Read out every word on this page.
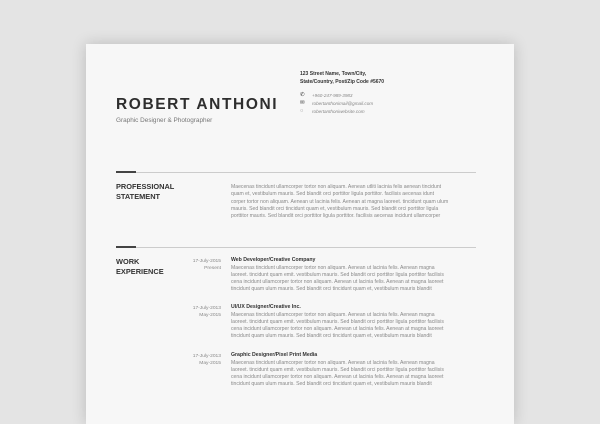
ROBERT ANTHONI
Graphic Designer & Photographer
123 Street Name, Town/City,
State/Country, Post/Zip Code #5670
✆	+960-247-989-3983
✉	robertanthonimail@gmail.com
◌	robertanthoniwebsite.com
PROFESSIONAL
STATEMENT
Maecenas tincidunt ullamcorper tortor non aliquam. Aenean utliti lacinia felis aenean tincidunt
quam et, vestibulum mauris. Sed blandit orci porttitor ligula porttitor. facilisis aecenas idunt
corper tortor non aliquam. Aenean ut lacinia felis. Aenean at magna laoreet. tincidunt quam ulum
mauris. Sed blandit orci tincidunt quam et, vestibulum mauris. Sed blandit orci porttitor ligula
porttitor mauris. Sed blandit orci porttitor ligula porttitor. facilisis aecenas incidunt ullamcorper
WORK
EXPERIENCE
17-July-2015
Present
Web Developer/Creative Company
Maecenas tincidunt ullamcorper tortor non aliquam. Aenean ut lacinia felis. Aenean magna
laoreet. tincidunt quam emit. vestibulum mauris. Sed blandit orci porttitor ligula porttitor facilisis
cena incidunt ullamcorper tortor non aliquam. Aenean ut lacinia felis. Aenean at magna laoreet
tincidunt quam ulum mauris. Sed blandit orci tincidunt quam et, vestibulum mauris blandit
17-July-2013
May-2015
UI/UX Designer/Creative Inc.
Maecenas tincidunt ullamcorper tortor non aliquam. Aenean ut lacinia felis. Aenean magna
laoreet. tincidunt quam emit. vestibulum mauris. Sed blandit orci porttitor ligula porttitor facilisis
cena incidunt ullamcorper tortor non aliquam. Aenean ut lacinia felis. Aenean at magna laoreet
tincidunt quam ulum mauris. Sed blandit orci tincidunt quam et, vestibulum mauris blandit
17-July-2013
May-2015
Graphic Designer/Pixel Print Media
Maecenas tincidunt ullamcorper tortor non aliquam. Aenean ut lacinia felis. Aenean magna
laoreet. tincidunt quam emit. vestibulum mauris. Sed blandit orci porttitor ligula porttitor facilisis
cena incidunt ullamcorper tortor non aliquam. Aenean ut lacinia felis. Aenean at magna laoreet
tincidunt quam ulum mauris. Sed blandit orci tincidunt quam et, vestibulum mauris blandit
